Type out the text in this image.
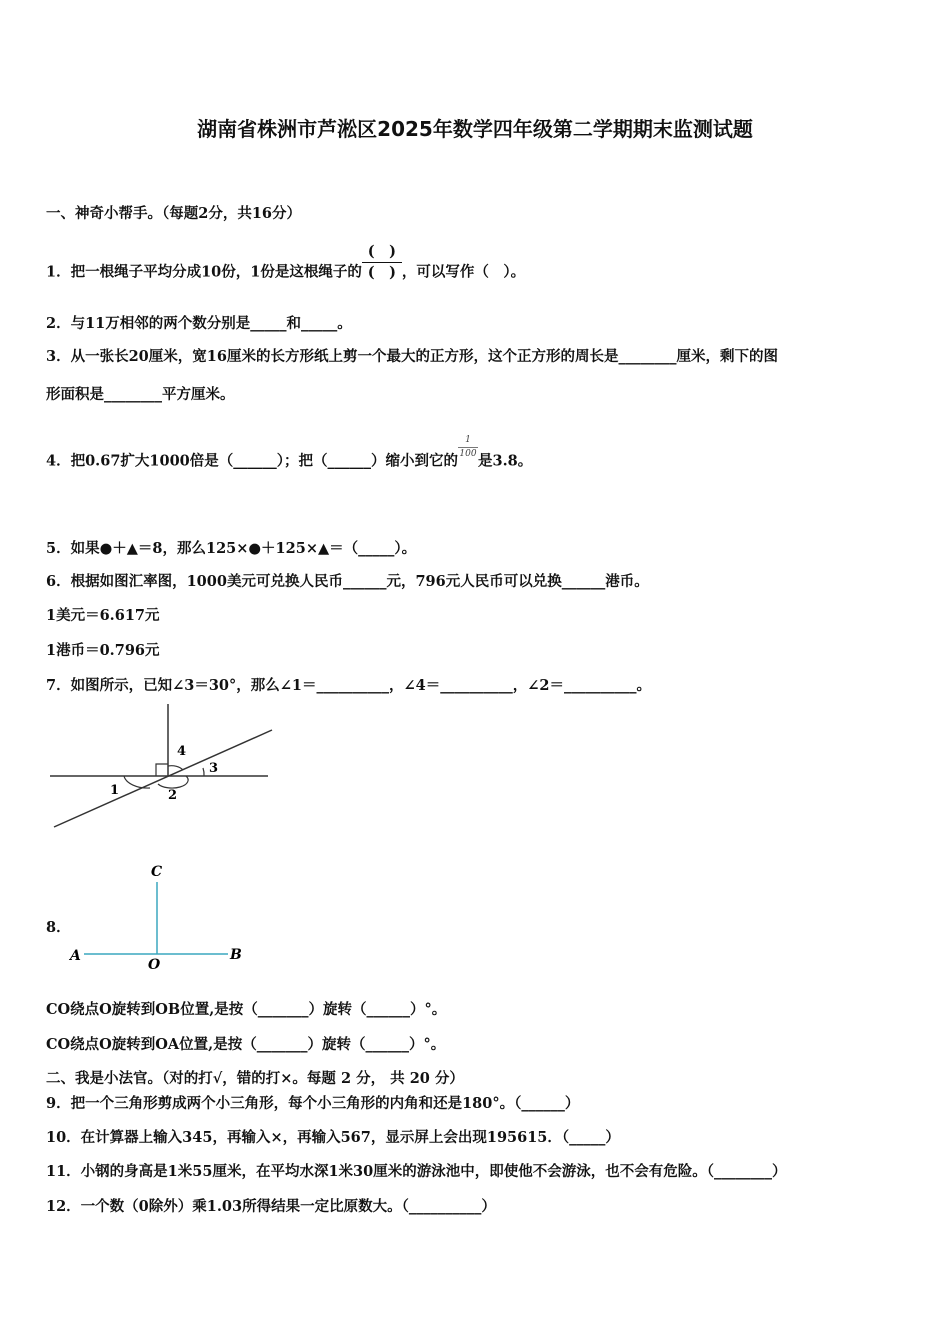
湖南省株洲市芦淞区2025年数学四年级第二学期期末监测试题
一、神奇小帮手。（每题2分，共16分）
1．把一根绳子平均分成10份，1份是这根绳子的 $\frac{( )}{( )}$ ，可以写作（　）。
2．与11万相邻的两个数分别是_____和_____。
3．从一张长20厘米，宽16厘米的长方形纸上剪一个最大的正方形，这个正方形的周长是________厘米，剩下的图
形面积是________平方厘米。
4．把0.67扩大1000倍是（______）；把（______）缩小到它的
$\frac{1}{100}$
是3.8。
5．如果●＋▲＝8，那么125×●＋125×▲＝（_____）。
6．根据如图汇率图，1000美元可兑换人民币______元，796元人民币可以兑换______港币。
1美元＝6.617元
1港币＝0.796元
7．如图所示，已知∠3＝30°，那么∠1＝__________，∠4＝__________，∠2＝__________。
1	2
3
4
8．
C
A
O
B
CO绕点O旋转到OB位置,是按（_______）旋转（______）°。
CO绕点O旋转到OA位置,是按（_______）旋转（______）°。
二、我是小法官。（对的打√，错的打×。每题 2 分， 共 20 分）
9．把一个三角形剪成两个小三角形，每个小三角形的内角和还是180°。（______）
10．在计算器上输入345，再输入×，再输入567，显示屏上会出现195615．（_____）
11．小钢的身高是1米55厘米，在平均水深1米30厘米的游泳池中，即使他不会游泳，也不会有危险。（________）
12．一个数（0除外）乘1.03所得结果一定比原数大。（__________）
